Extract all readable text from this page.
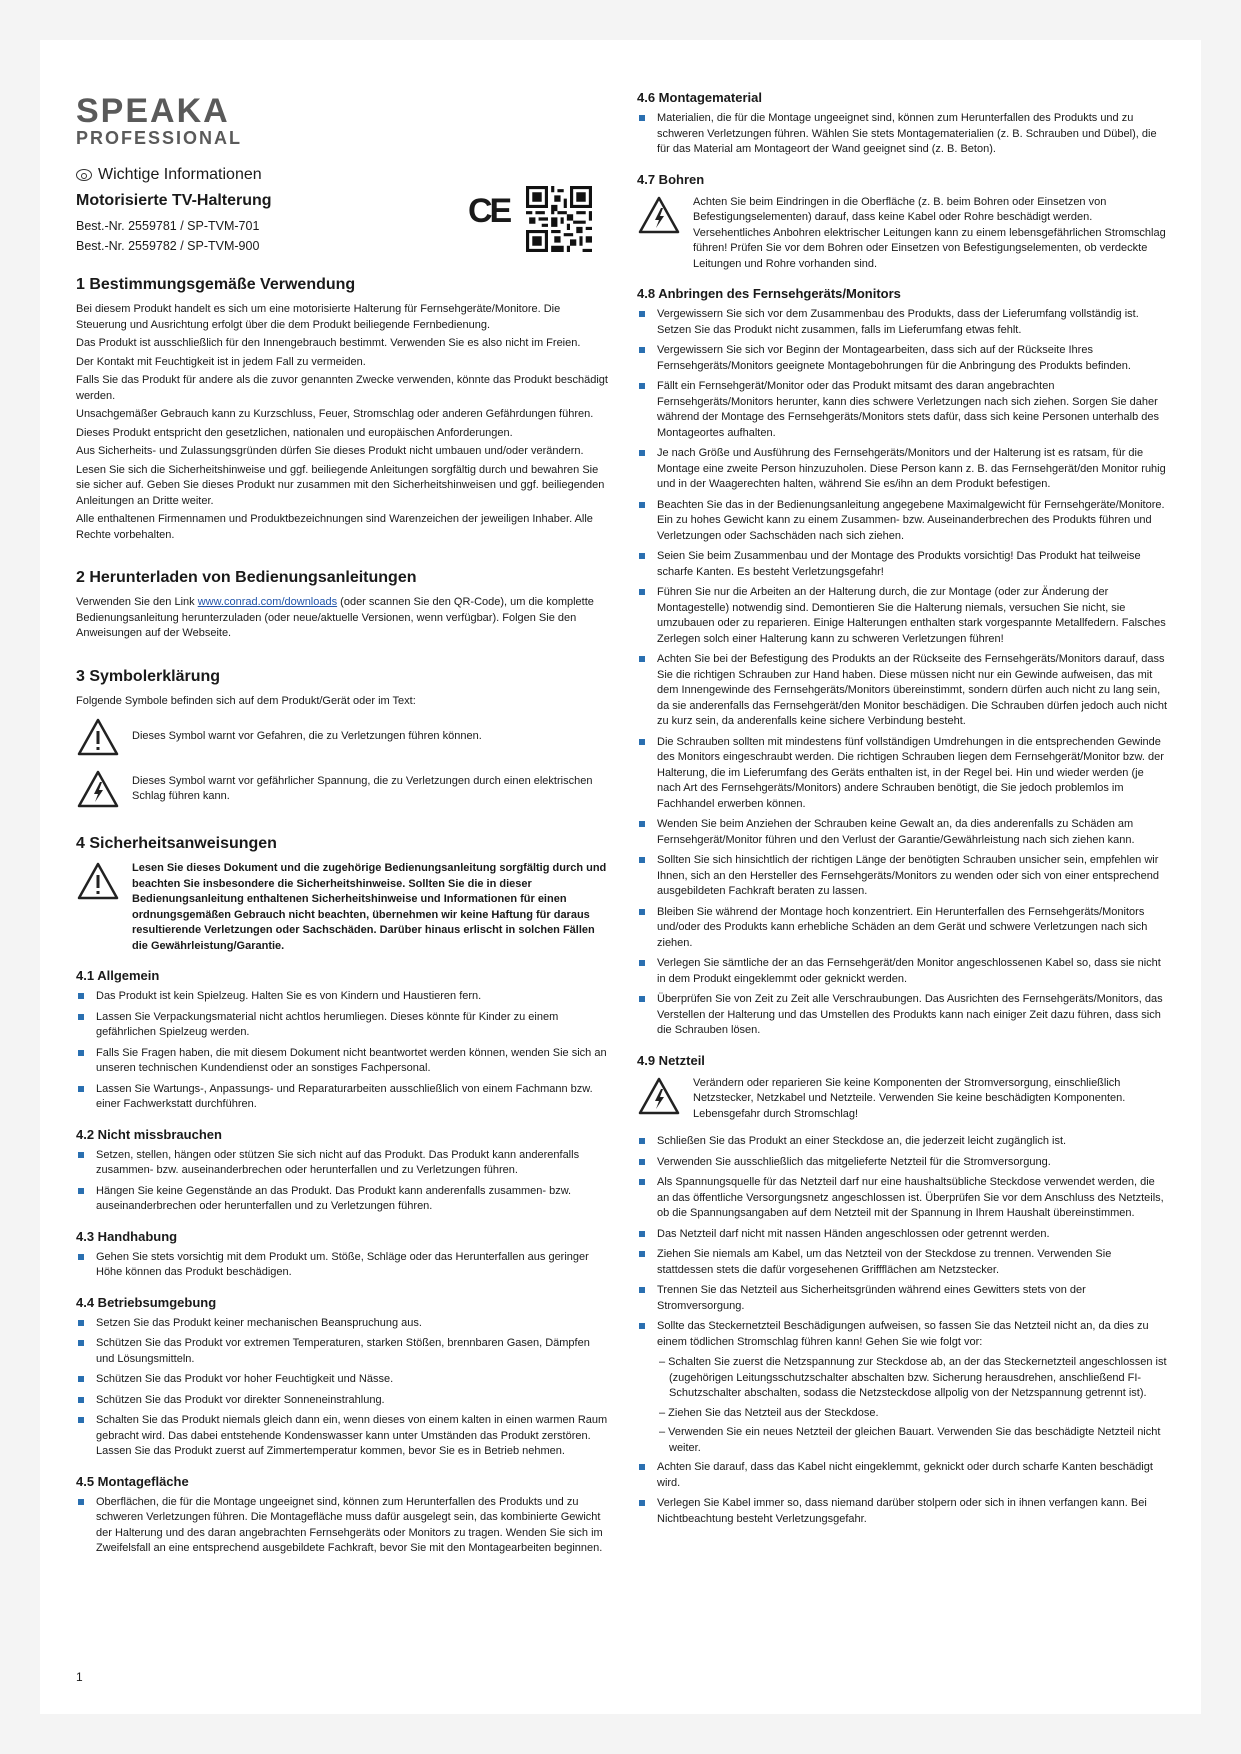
SPEAKA
PROFESSIONAL
CE
Wichtige Informationen
Motorisierte TV-Halterung
Best.-Nr. 2559781 / SP-TVM-701
Best.-Nr. 2559782 / SP-TVM-900
1 Bestimmungsgemäße Verwendung

Bei diesem Produkt handelt es sich um eine motorisierte Halterung für Fernsehgeräte/Monitore. Die Steuerung und Ausrichtung erfolgt über die dem Produkt beiliegende Fernbedienung.

Das Produkt ist ausschließlich für den Innengebrauch bestimmt. Verwenden Sie es also nicht im Freien.

Der Kontakt mit Feuchtigkeit ist in jedem Fall zu vermeiden.

Falls Sie das Produkt für andere als die zuvor genannten Zwecke verwenden, könnte das Produkt beschädigt werden.

Unsachgemäßer Gebrauch kann zu Kurzschluss, Feuer, Stromschlag oder anderen Gefährdungen führen.

Dieses Produkt entspricht den gesetzlichen, nationalen und europäischen Anforderungen.

Aus Sicherheits- und Zulassungsgründen dürfen Sie dieses Produkt nicht umbauen und/oder verändern.

Lesen Sie sich die Sicherheitshinweise und ggf. beiliegende Anleitungen sorgfältig durch und bewahren Sie sie sicher auf. Geben Sie dieses Produkt nur zusammen mit den Sicherheitshinweisen und ggf. beiliegenden Anleitungen an Dritte weiter.

Alle enthaltenen Firmennamen und Produktbezeichnungen sind Warenzeichen der jeweiligen Inhaber. Alle Rechte vorbehalten.

2 Herunterladen von Bedienungsanleitungen

Verwenden Sie den Link www.conrad.com/downloads (oder scannen Sie den QR-Code), um die komplette Bedienungsanleitung herunterzuladen (oder neue/aktuelle Versionen, wenn verfügbar). Folgen Sie den Anweisungen auf der Webseite.

3 Symbolerklärung

Folgende Symbole befinden sich auf dem Produkt/Gerät oder im Text:

Dieses Symbol warnt vor Gefahren, die zu Verletzungen führen können.
Dieses Symbol warnt vor gefährlicher Spannung, die zu Verletzungen durch einen elektrischen Schlag führen kann.
4 Sicherheitsanweisungen
Lesen Sie dieses Dokument und die zugehörige Bedienungsanleitung sorgfältig durch und beachten Sie insbesondere die Sicherheitshinweise. Sollten Sie die in dieser Bedienungsanleitung enthaltenen Sicherheitshinweise und Informationen für einen ordnungsgemäßen Gebrauch nicht beachten, übernehmen wir keine Haftung für daraus resultierende Verletzungen oder Sachschäden. Darüber hinaus erlischt in solchen Fällen die Gewährleistung/Garantie.
4.1 Allgemein
Das Produkt ist kein Spielzeug. Halten Sie es von Kindern und Haustieren fern.
Lassen Sie Verpackungsmaterial nicht achtlos herumliegen. Dieses könnte für Kinder zu einem gefährlichen Spielzeug werden.
Falls Sie Fragen haben, die mit diesem Dokument nicht beantwortet werden können, wenden Sie sich an unseren technischen Kundendienst oder an sonstiges Fachpersonal.
Lassen Sie Wartungs-, Anpassungs- und Reparaturarbeiten ausschließlich von einem Fachmann bzw. einer Fachwerkstatt durchführen.
4.2 Nicht missbrauchen
Setzen, stellen, hängen oder stützen Sie sich nicht auf das Produkt. Das Produkt kann anderenfalls zusammen- bzw. auseinanderbrechen oder herunterfallen und zu Verletzungen führen.
Hängen Sie keine Gegenstände an das Produkt. Das Produkt kann anderenfalls zusammen- bzw. auseinanderbrechen oder herunterfallen und zu Verletzungen führen.
4.3 Handhabung
Gehen Sie stets vorsichtig mit dem Produkt um. Stöße, Schläge oder das Herunterfallen aus geringer Höhe können das Produkt beschädigen.
4.4 Betriebsumgebung
Setzen Sie das Produkt keiner mechanischen Beanspruchung aus.
Schützen Sie das Produkt vor extremen Temperaturen, starken Stößen, brennbaren Gasen, Dämpfen und Lösungsmitteln.
Schützen Sie das Produkt vor hoher Feuchtigkeit und Nässe.
Schützen Sie das Produkt vor direkter Sonneneinstrahlung.
Schalten Sie das Produkt niemals gleich dann ein, wenn dieses von einem kalten in einen warmen Raum gebracht wird. Das dabei entstehende Kondenswasser kann unter Umständen das Produkt zerstören. Lassen Sie das Produkt zuerst auf Zimmertemperatur kommen, bevor Sie es in Betrieb nehmen.
4.5 Montagefläche
Oberflächen, die für die Montage ungeeignet sind, können zum Herunterfallen des Produkts und zu schweren Verletzungen führen. Die Montagefläche muss dafür ausgelegt sein, das kombinierte Gewicht der Halterung und des daran angebrachten Fernsehgeräts oder Monitors zu tragen. Wenden Sie sich im Zweifelsfall an eine entsprechend ausgebildete Fachkraft, bevor Sie mit den Montagearbeiten beginnen.
4.6 Montagematerial
Materialien, die für die Montage ungeeignet sind, können zum Herunterfallen des Produkts und zu schweren Verletzungen führen. Wählen Sie stets Montagematerialien (z. B. Schrauben und Dübel), die für das Material am Montageort der Wand geeignet sind (z. B. Beton).
4.7 Bohren
Achten Sie beim Eindringen in die Oberfläche (z. B. beim Bohren oder Einsetzen von Befestigungselementen) darauf, dass keine Kabel oder Rohre beschädigt werden. Versehentliches Anbohren elektrischer Leitungen kann zu einem lebensgefährlichen Stromschlag führen! Prüfen Sie vor dem Bohren oder Einsetzen von Befestigungselementen, ob verdeckte Leitungen und Rohre vorhanden sind.
4.8 Anbringen des Fernsehgeräts/Monitors
Vergewissern Sie sich vor dem Zusammenbau des Produkts, dass der Lieferumfang vollständig ist. Setzen Sie das Produkt nicht zusammen, falls im Lieferumfang etwas fehlt.
Vergewissern Sie sich vor Beginn der Montagearbeiten, dass sich auf der Rückseite Ihres Fernsehgeräts/Monitors geeignete Montagebohrungen für die Anbringung des Produkts befinden.
Fällt ein Fernsehgerät/Monitor oder das Produkt mitsamt des daran angebrachten Fernsehgeräts/Monitors herunter, kann dies schwere Verletzungen nach sich ziehen. Sorgen Sie daher während der Montage des Fernsehgeräts/Monitors stets dafür, dass sich keine Personen unterhalb des Montageortes aufhalten.
Je nach Größe und Ausführung des Fernsehgeräts/Monitors und der Halterung ist es ratsam, für die Montage eine zweite Person hinzuzuholen. Diese Person kann z. B. das Fernsehgerät/den Monitor ruhig und in der Waagerechten halten, während Sie es/ihn an dem Produkt befestigen.
Beachten Sie das in der Bedienungsanleitung angegebene Maximalgewicht für Fernsehgeräte/Monitore. Ein zu hohes Gewicht kann zu einem Zusammen- bzw. Auseinanderbrechen des Produkts führen und Verletzungen oder Sachschäden nach sich ziehen.
Seien Sie beim Zusammenbau und der Montage des Produkts vorsichtig! Das Produkt hat teilweise scharfe Kanten. Es besteht Verletzungsgefahr!
Führen Sie nur die Arbeiten an der Halterung durch, die zur Montage (oder zur Änderung der Montagestelle) notwendig sind. Demontieren Sie die Halterung niemals, versuchen Sie nicht, sie umzubauen oder zu reparieren. Einige Halterungen enthalten stark vorgespannte Metallfedern. Falsches Zerlegen solch einer Halterung kann zu schweren Verletzungen führen!
Achten Sie bei der Befestigung des Produkts an der Rückseite des Fernsehgeräts/Monitors darauf, dass Sie die richtigen Schrauben zur Hand haben. Diese müssen nicht nur ein Gewinde aufweisen, das mit dem Innengewinde des Fernsehgeräts/Monitors übereinstimmt, sondern dürfen auch nicht zu lang sein, da sie anderenfalls das Fernsehgerät/den Monitor beschädigen. Die Schrauben dürfen jedoch auch nicht zu kurz sein, da anderenfalls keine sichere Verbindung besteht.
Die Schrauben sollten mit mindestens fünf vollständigen Umdrehungen in die entsprechenden Gewinde des Monitors eingeschraubt werden. Die richtigen Schrauben liegen dem Fernsehgerät/Monitor bzw. der Halterung, die im Lieferumfang des Geräts enthalten ist, in der Regel bei. Hin und wieder werden (je nach Art des Fernsehgeräts/Monitors) andere Schrauben benötigt, die Sie jedoch problemlos im Fachhandel erwerben können.
Wenden Sie beim Anziehen der Schrauben keine Gewalt an, da dies anderenfalls zu Schäden am Fernsehgerät/Monitor führen und den Verlust der Garantie/Gewährleistung nach sich ziehen kann.
Sollten Sie sich hinsichtlich der richtigen Länge der benötigten Schrauben unsicher sein, empfehlen wir Ihnen, sich an den Hersteller des Fernsehgeräts/Monitors zu wenden oder sich von einer entsprechend ausgebildeten Fachkraft beraten zu lassen.
Bleiben Sie während der Montage hoch konzentriert. Ein Herunterfallen des Fernsehgeräts/Monitors und/oder des Produkts kann erhebliche Schäden an dem Gerät und schwere Verletzungen nach sich ziehen.
Verlegen Sie sämtliche der an das Fernsehgerät/den Monitor angeschlossenen Kabel so, dass sie nicht in dem Produkt eingeklemmt oder geknickt werden.
Überprüfen Sie von Zeit zu Zeit alle Verschraubungen. Das Ausrichten des Fernsehgeräts/Monitors, das Verstellen der Halterung und das Umstellen des Produkts kann nach einiger Zeit dazu führen, dass sich die Schrauben lösen.
4.9 Netzteil
Verändern oder reparieren Sie keine Komponenten der Stromversorgung, einschließlich Netzstecker, Netzkabel und Netzteile. Verwenden Sie keine beschädigten Komponenten. Lebensgefahr durch Stromschlag!
Schließen Sie das Produkt an einer Steckdose an, die jederzeit leicht zugänglich ist.
Verwenden Sie ausschließlich das mitgelieferte Netzteil für die Stromversorgung.
Als Spannungsquelle für das Netzteil darf nur eine haushaltsübliche Steckdose verwendet werden, die an das öffentliche Versorgungsnetz angeschlossen ist. Überprüfen Sie vor dem Anschluss des Netzteils, ob die Spannungsangaben auf dem Netzteil mit der Spannung in Ihrem Haushalt übereinstimmen.
Das Netzteil darf nicht mit nassen Händen angeschlossen oder getrennt werden.
Ziehen Sie niemals am Kabel, um das Netzteil von der Steckdose zu trennen. Verwenden Sie stattdessen stets die dafür vorgesehenen Griffflächen am Netzstecker.
Trennen Sie das Netzteil aus Sicherheitsgründen während eines Gewitters stets von der Stromversorgung.
Sollte das Steckernetzteil Beschädigungen aufweisen, so fassen Sie das Netzteil nicht an, da dies zu einem tödlichen Stromschlag führen kann! Gehen Sie wie folgt vor:
– Schalten Sie zuerst die Netzspannung zur Steckdose ab, an der das Steckernetzteil angeschlossen ist (zugehörigen Leitungsschutzschalter abschalten bzw. Sicherung herausdrehen, anschließend FI-Schutzschalter abschalten, sodass die Netzsteckdose allpolig von der Netzspannung getrennt ist).
– Ziehen Sie das Netzteil aus der Steckdose.
– Verwenden Sie ein neues Netzteil der gleichen Bauart. Verwenden Sie das beschädigte Netzteil nicht weiter.
Achten Sie darauf, dass das Kabel nicht eingeklemmt, geknickt oder durch scharfe Kanten beschädigt wird.
Verlegen Sie Kabel immer so, dass niemand darüber stolpern oder sich in ihnen verfangen kann. Bei Nichtbeachtung besteht Verletzungsgefahr.
1
